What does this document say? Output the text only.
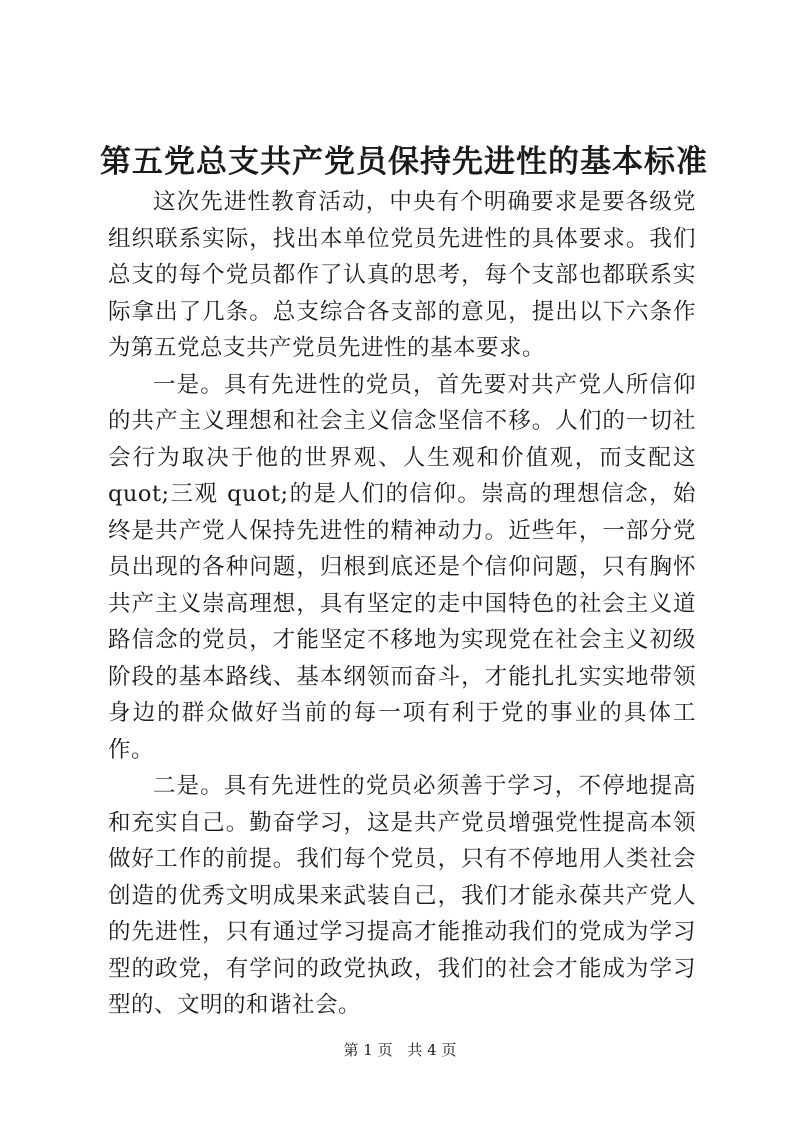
第五党总支共产党员保持先进性的基本标准

这次先进性教育活动，中央有个明确要求是要各级党组织联系实际，找出本单位党员先进性的具体要求。我们总支的每个党员都作了认真的思考，每个支部也都联系实际拿出了几条。总支综合各支部的意见，提出以下六条作为第五党总支共产党员先进性的基本要求。

一是。具有先进性的党员，首先要对共产党人所信仰的共产主义理想和社会主义信念坚信不移。人们的一切社会行为取决于他的世界观、人生观和价值观，而支配这 quot;三观 quot;的是人们的信仰。崇高的理想信念，始终是共产党人保持先进性的精神动力。近些年，一部分党员出现的各种问题，归根到底还是个信仰问题，只有胸怀共产主义崇高理想，具有坚定的走中国特色的社会主义道路信念的党员，才能坚定不移地为实现党在社会主义初级阶段的基本路线、基本纲领而奋斗，才能扎扎实实地带领身边的群众做好当前的每一项有利于党的事业的具体工作。

二是。具有先进性的党员必须善于学习，不停地提高和充实自己。勤奋学习，这是共产党员增强党性提高本领做好工作的前提。我们每个党员，只有不停地用人类社会创造的优秀文明成果来武装自己，我们才能永葆共产党人的先进性，只有通过学习提高才能推动我们的党成为学习型的政党，有学问的政党执政，我们的社会才能成为学习型的、文明的和谐社会。

第 1 页 共 4 页
